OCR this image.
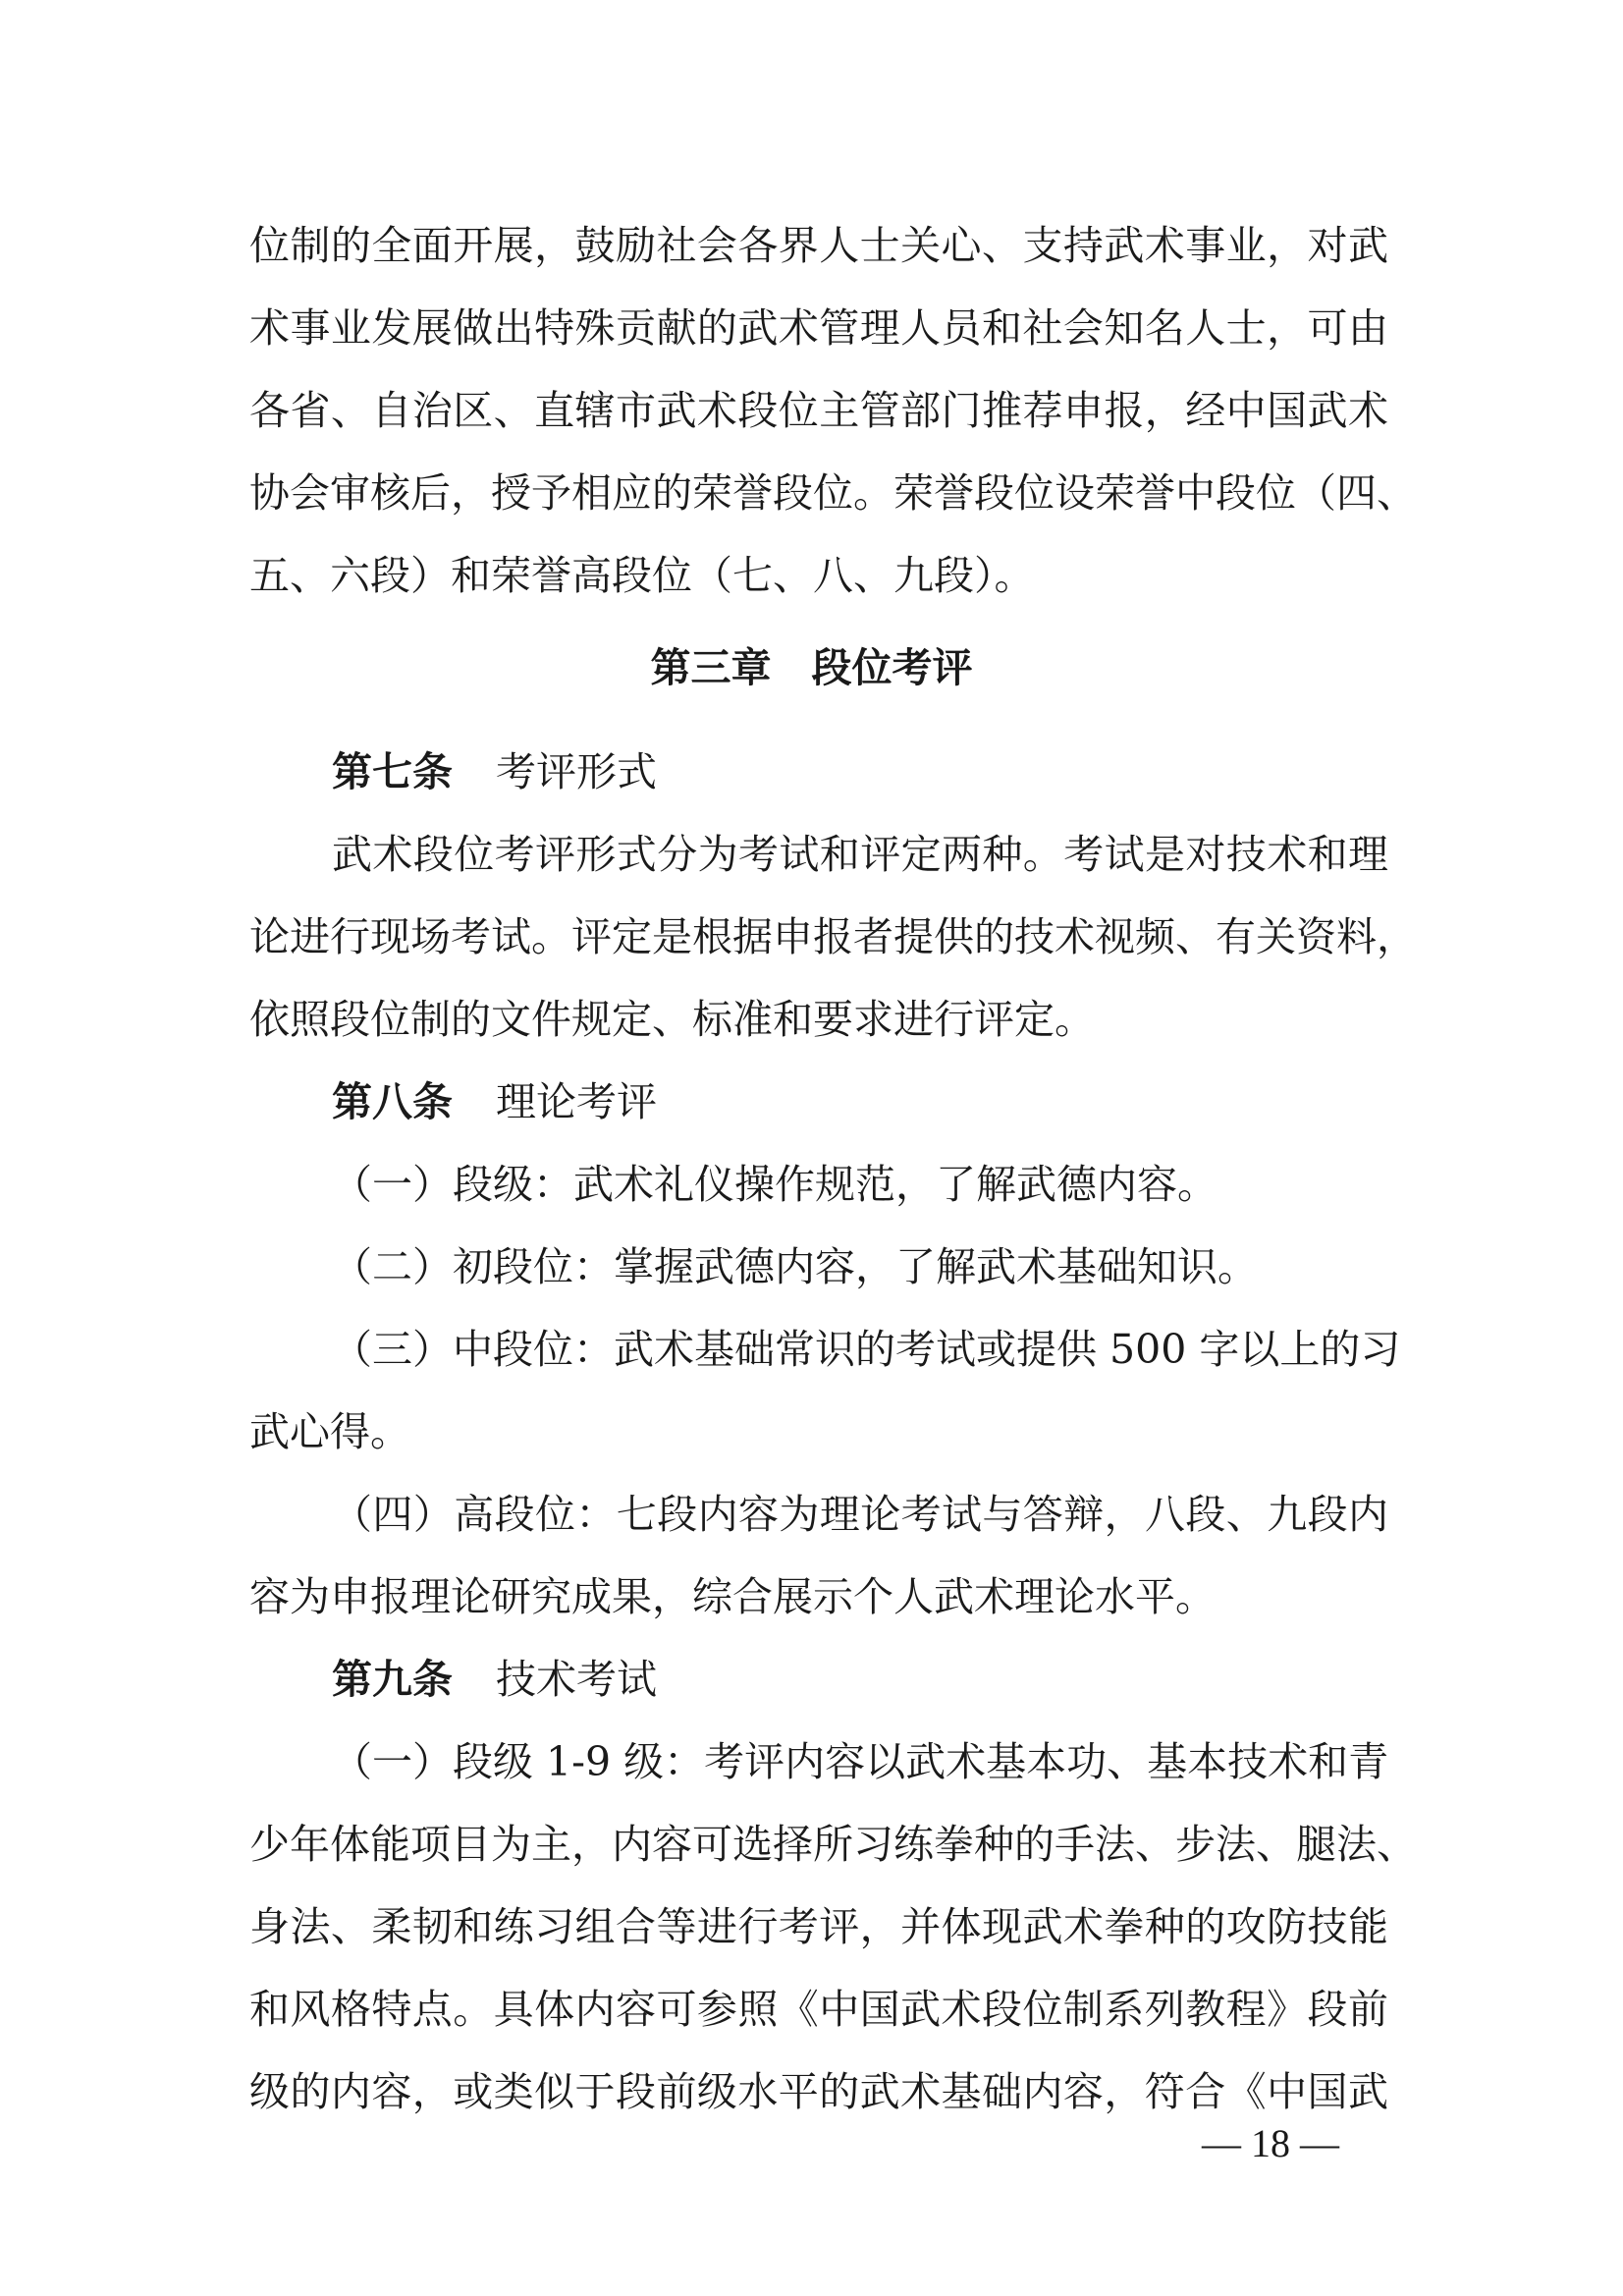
位制的全面开展，鼓励社会各界人士关心、支持武术事业，对武
术事业发展做出特殊贡献的武术管理人员和社会知名人士，可由
各省、自治区、直辖市武术段位主管部门推荐申报，经中国武术
协会审核后，授予相应的荣誉段位。荣誉段位设荣誉中段位（四、
五、六段）和荣誉高段位（七、八、九段）。
第三章　段位考评
第七条 考评形式
武术段位考评形式分为考试和评定两种。考试是对技术和理
论进行现场考试。评定是根据申报者提供的技术视频、有关资料，
依照段位制的文件规定、标准和要求进行评定。
第八条 理论考评
（一）段级：武术礼仪操作规范，了解武德内容。
（二）初段位：掌握武德内容，了解武术基础知识。
（三）中段位：武术基础常识的考试或提供 500 字以上的习
武心得。
（四）高段位：七段内容为理论考试与答辩，八段、九段内
容为申报理论研究成果，综合展示个人武术理论水平。
第九条 技术考试
（一）段级 1-9 级：考评内容以武术基本功、基本技术和青
少年体能项目为主，内容可选择所习练拳种的手法、步法、腿法、
身法、柔韧和练习组合等进行考评，并体现武术拳种的攻防技能
和风格特点。具体内容可参照《中国武术段位制系列教程》段前
级的内容，或类似于段前级水平的武术基础内容，符合《中国武
— 18 —
